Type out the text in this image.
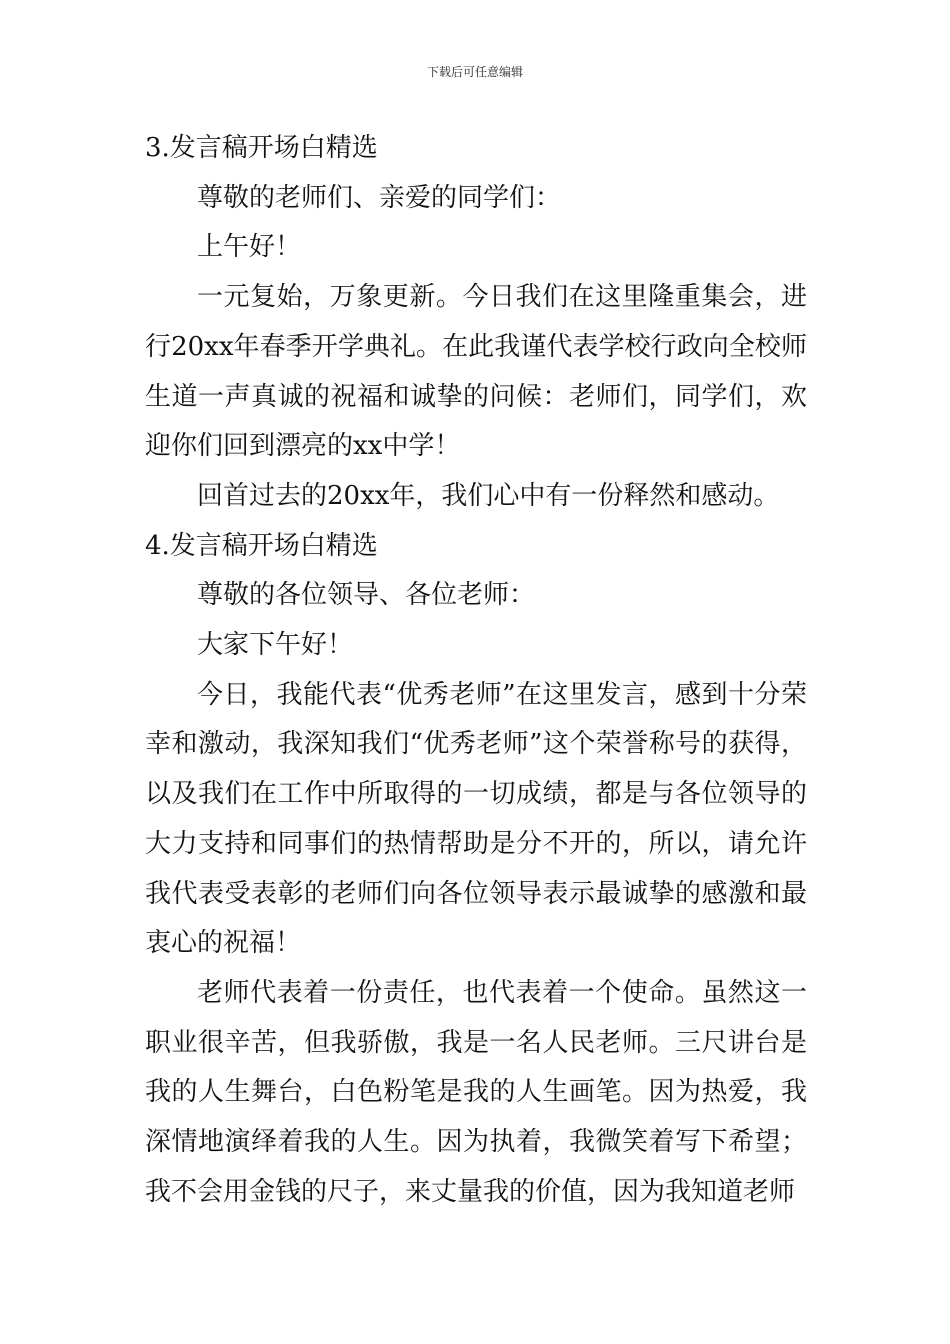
下载后可任意编辑

3.发言稿开场白精选

尊敬的老师们、亲爱的同学们：

上午好！

一元复始，万象更新。今日我们在这里隆重集会，进行20xx年春季开学典礼。在此我谨代表学校行政向全校师生道一声真诚的祝福和诚挚的问候：老师们，同学们，欢迎你们回到漂亮的xx中学！

回首过去的20xx年，我们心中有一份释然和感动。

4.发言稿开场白精选

尊敬的各位领导、各位老师：

大家下午好！

今日，我能代表“优秀老师”在这里发言，感到十分荣幸和激动，我深知我们“优秀老师”这个荣誉称号的获得，以及我们在工作中所取得的一切成绩，都是与各位领导的大力支持和同事们的热情帮助是分不开的，所以，请允许我代表受表彰的老师们向各位领导表示最诚挚的感激和最衷心的祝福！

老师代表着一份责任，也代表着一个使命。虽然这一职业很辛苦，但我骄傲，我是一名人民老师。三尺讲台是我的人生舞台，白色粉笔是我的人生画笔。因为热爱，我深情地演绎着我的人生。因为执着，我微笑着写下希望；我不会用金钱的尺子，来丈量我的价值，因为我知道老师
